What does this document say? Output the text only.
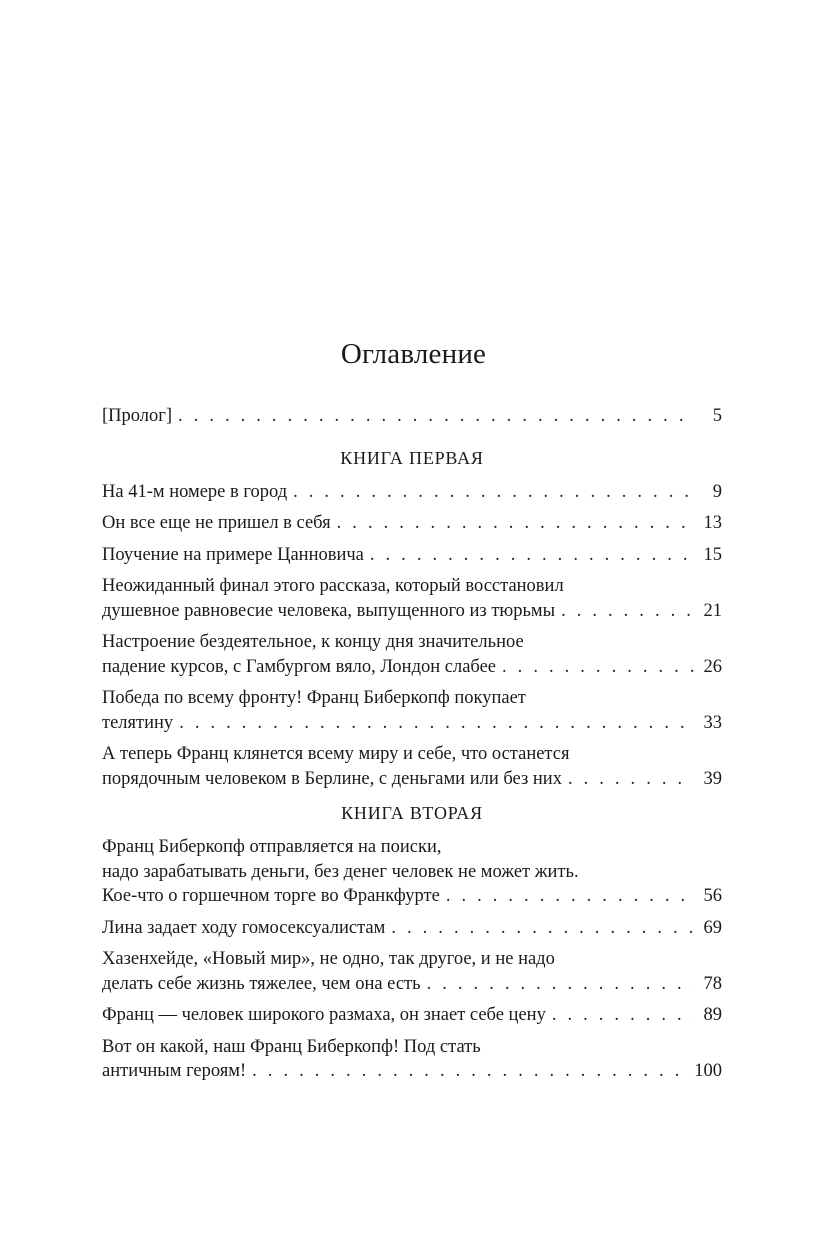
Оглавление
[Пролог] . . .	5
КНИГА ПЕРВАЯ
На 41-м номере в город . . .	9
Он все еще не пришел в себя . . .	13
Поучение на примере Цанновича . . .	15
Неожиданный финал этого рассказа, который восстановил
душевное равновесие человека, выпущенного из тюрьмы . . .	21
Настроение бездеятельное, к концу дня значительное
падение курсов, с Гамбургом вяло, Лондон слабее . . .	26
Победа по всему фронту! Франц Биберкопф покупает
телятину . . .	33
А теперь Франц клянется всему миру и себе, что останется
порядочным человеком в Берлине, с деньгами или без них . . .	39
КНИГА ВТОРАЯ
Франц Биберкопф отправляется на поиски,
надо зарабатывать деньги, без денег человек не может жить.
Кое-что о горшечном торге во Франкфурте . . .	56
Лина задает ходу гомосексуалистам . . .	69
Хазенхейде, «Новый мир», не одно, так другое, и не надо
делать себе жизнь тяжелее, чем она есть . . .	78
Франц — человек широкого размаха, он знает себе цену . . .	89
Вот он какой, наш Франц Биберкопф! Под стать
античным героям! . . .	100
